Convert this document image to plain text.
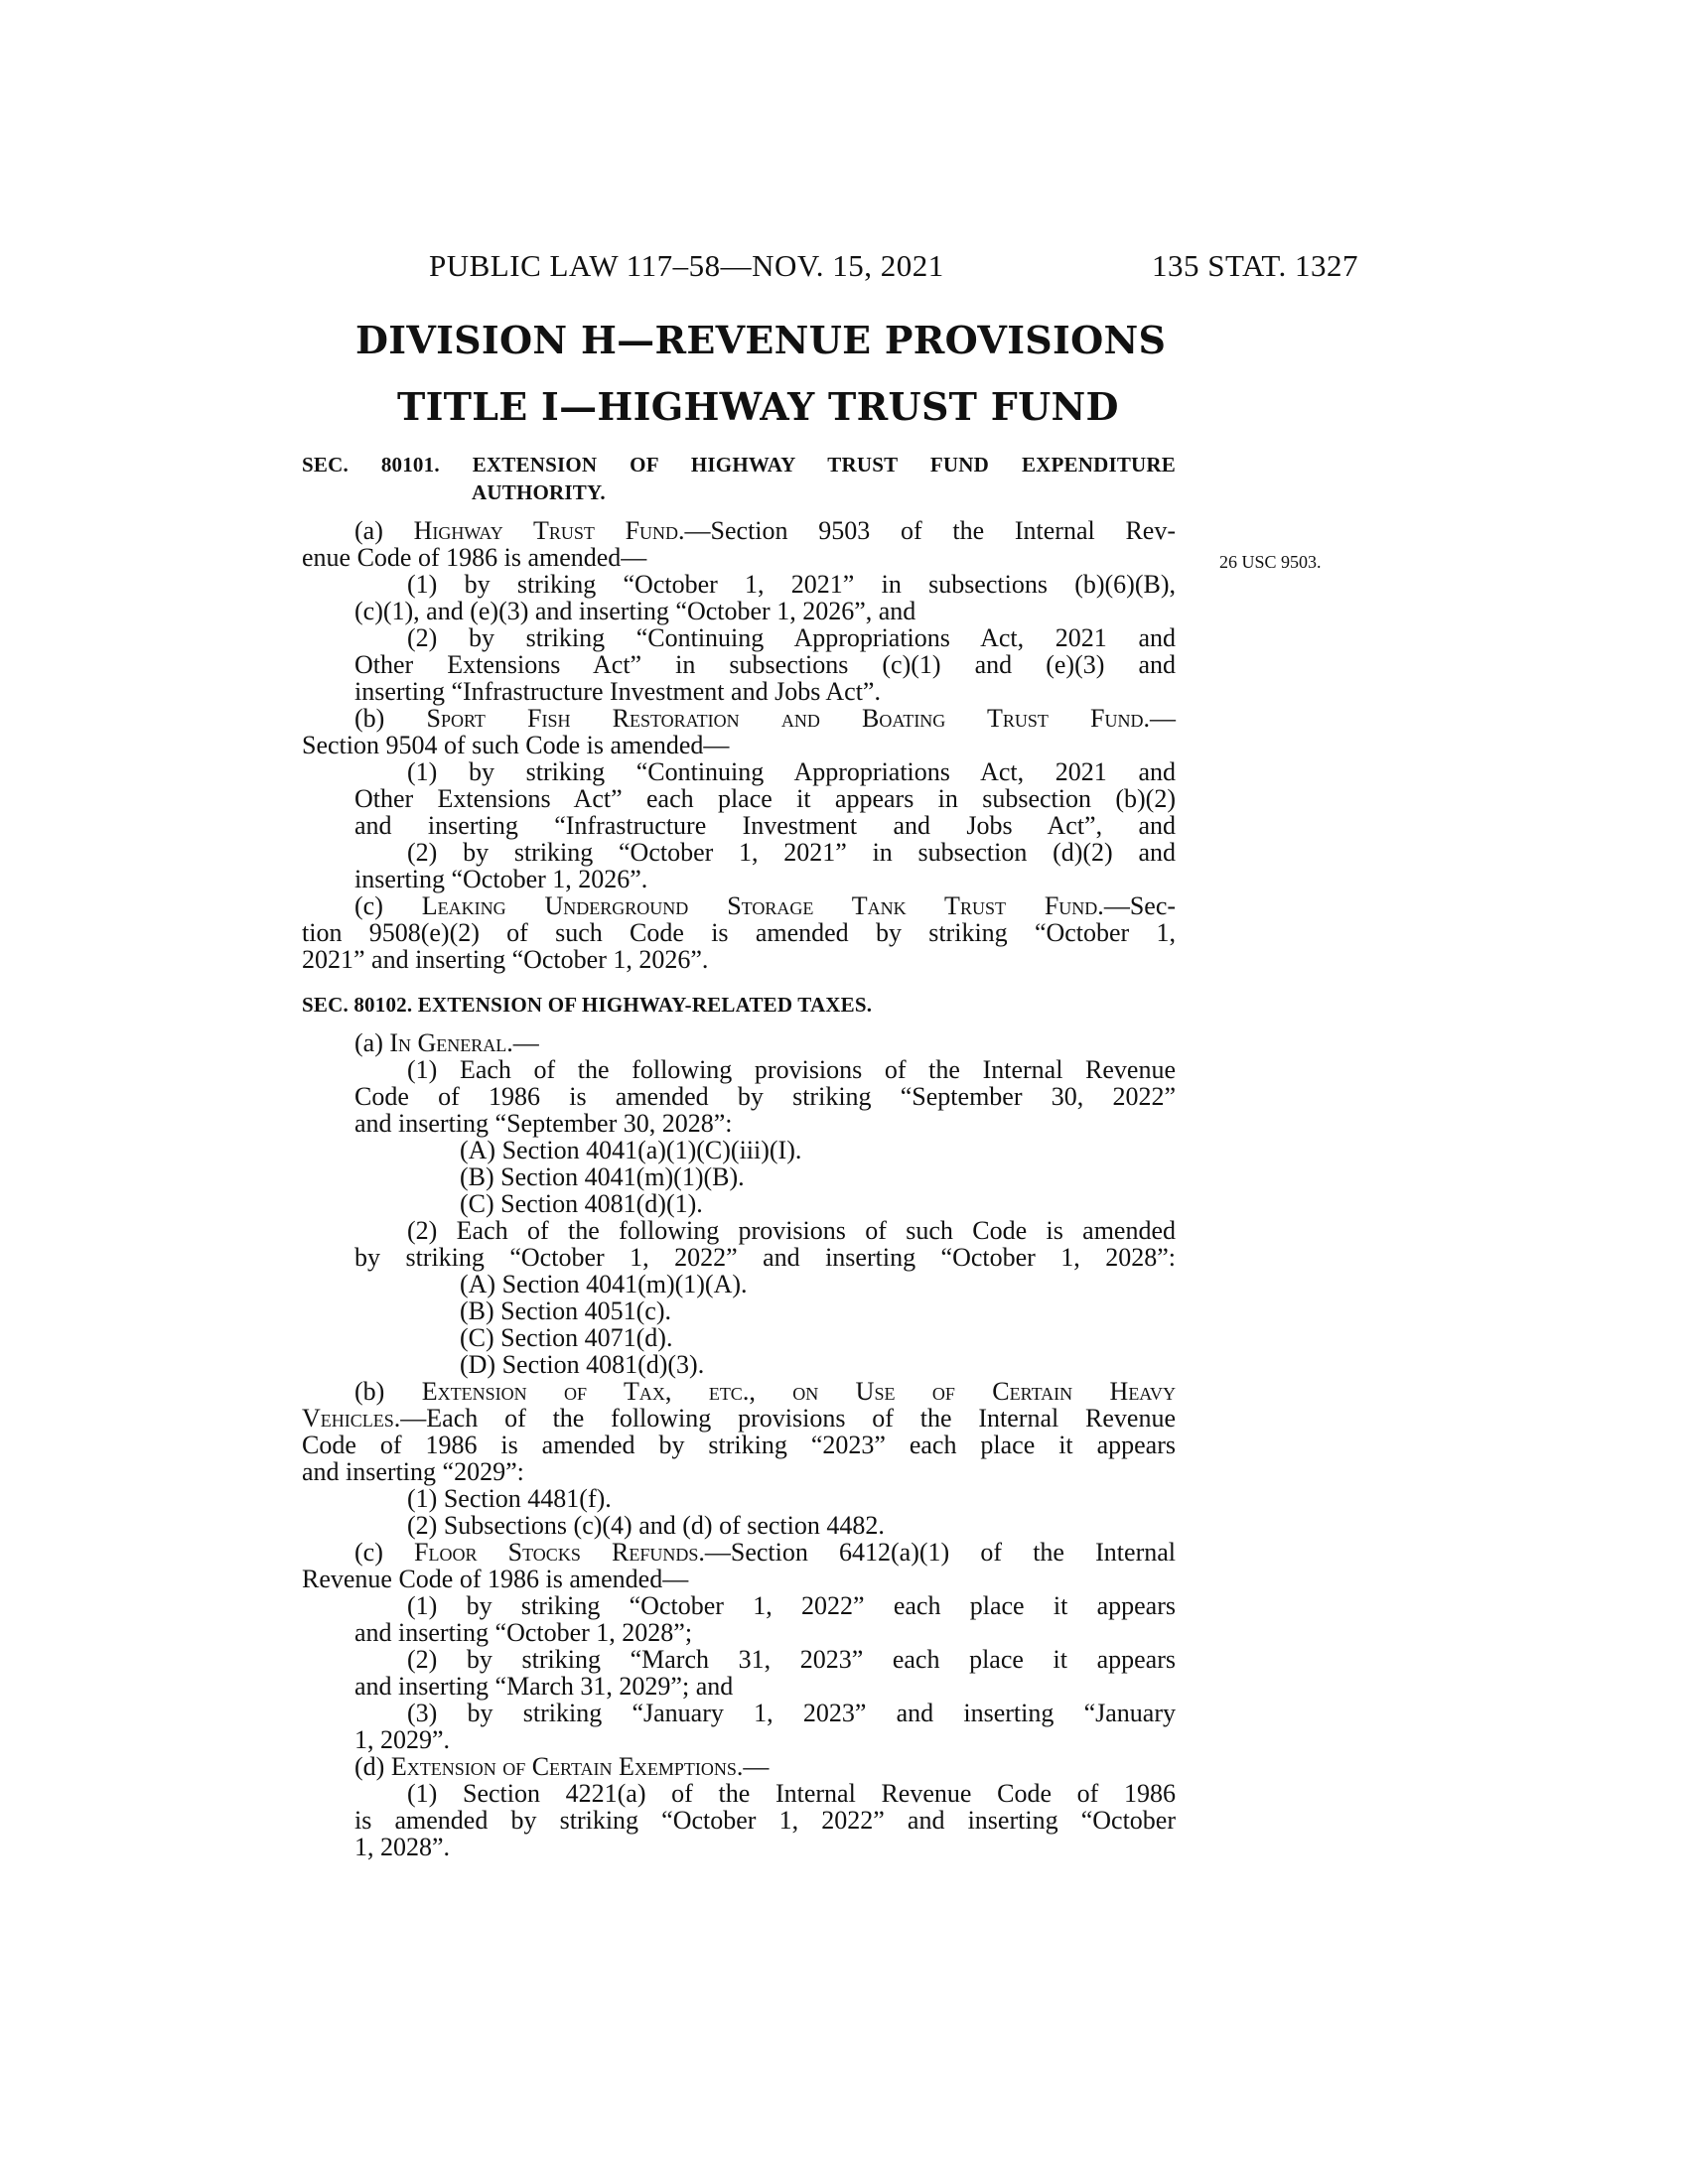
PUBLIC LAW 117–58—NOV. 15, 2021	135 STAT. 1327
DIVISION H—REVENUE PROVISIONS
TITLE I—HIGHWAY TRUST FUND
26 USC 9503.
SEC. 80101. EXTENSION OF HIGHWAY TRUST FUND EXPENDITURE
AUTHORITY.
(a) Highway Trust Fund.—Section 9503 of the Internal Rev-
enue Code of 1986 is amended—
(1) by striking “October 1, 2021” in subsections (b)(6)(B),
(c)(1), and (e)(3) and inserting “October 1, 2026”, and
(2) by striking “Continuing Appropriations Act, 2021 and
Other Extensions Act” in subsections (c)(1) and (e)(3) and
inserting “Infrastructure Investment and Jobs Act”.
(b) Sport Fish Restoration and Boating Trust Fund.—
Section 9504 of such Code is amended—
(1) by striking “Continuing Appropriations Act, 2021 and
Other Extensions Act” each place it appears in subsection (b)(2)
and inserting “Infrastructure Investment and Jobs Act”, and
(2) by striking “October 1, 2021” in subsection (d)(2) and
inserting “October 1, 2026”.
(c) Leaking Underground Storage Tank Trust Fund.—Sec-
tion 9508(e)(2) of such Code is amended by striking “October 1,
2021” and inserting “October 1, 2026”.
SEC. 80102. EXTENSION OF HIGHWAY-RELATED TAXES.
(a) In General.—
(1) Each of the following provisions of the Internal Revenue
Code of 1986 is amended by striking “September 30, 2022”
and inserting “September 30, 2028”:
(A) Section 4041(a)(1)(C)(iii)(I).
(B) Section 4041(m)(1)(B).
(C) Section 4081(d)(1).
(2) Each of the following provisions of such Code is amended
by striking “October 1, 2022” and inserting “October 1, 2028”:
(A) Section 4041(m)(1)(A).
(B) Section 4051(c).
(C) Section 4071(d).
(D) Section 4081(d)(3).
(b) Extension of Tax, etc., on Use of Certain Heavy
Vehicles.—Each of the following provisions of the Internal Revenue
Code of 1986 is amended by striking “2023” each place it appears
and inserting “2029”:
(1) Section 4481(f).
(2) Subsections (c)(4) and (d) of section 4482.
(c) Floor Stocks Refunds.—Section 6412(a)(1) of the Internal
Revenue Code of 1986 is amended—
(1) by striking “October 1, 2022” each place it appears
and inserting “October 1, 2028”;
(2) by striking “March 31, 2023” each place it appears
and inserting “March 31, 2029”; and
(3) by striking “January 1, 2023” and inserting “January
1, 2029”.
(d) Extension of Certain Exemptions.—
(1) Section 4221(a) of the Internal Revenue Code of 1986
is amended by striking “October 1, 2022” and inserting “October
1, 2028”.
